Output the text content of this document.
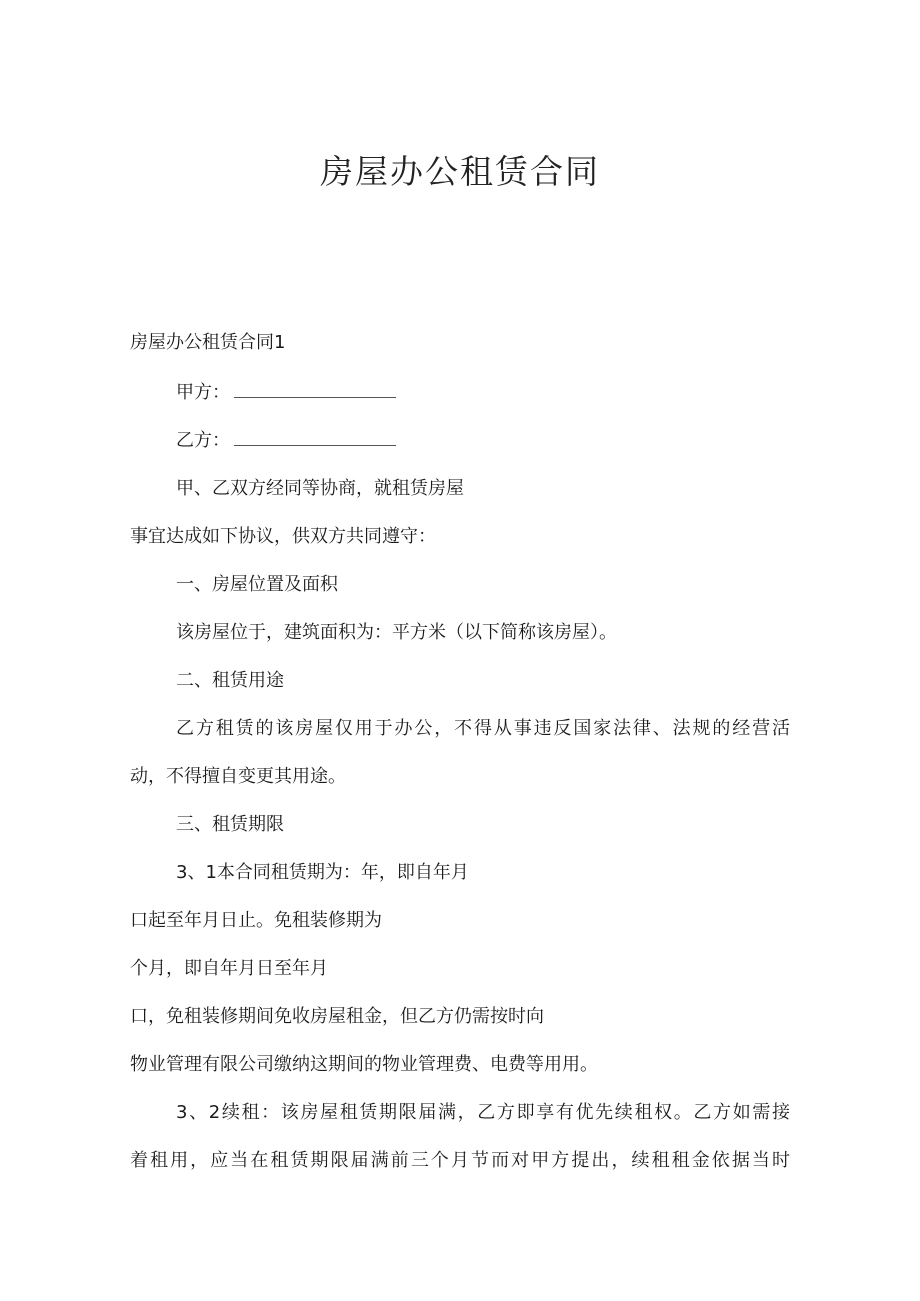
房屋办公租赁合同

房屋办公租赁合同1

甲方：

乙方：

甲、乙双方经同等协商，就租赁房屋

事宜达成如下协议，供双方共同遵守：

一、房屋位置及面积

该房屋位于，建筑面积为：平方米（以下简称该房屋）。

二、租赁用途

乙方租赁的该房屋仅用于办公，不得从事违反国家法律、法规的经营活

动，不得擅自变更其用途。

三、租赁期限

3、1本合同租赁期为：年，即自年月

口起至年月日止。免租装修期为

个月，即自年月日至年月

口，免租装修期间免收房屋租金，但乙方仍需按时向

物业管理有限公司缴纳这期间的物业管理费、电费等用用。

3、2续租：该房屋租赁期限届满，乙方即享有优先续租权。乙方如需接

着租用，应当在租赁期限届满前三个月节而对甲方提出，续租租金依据当时
